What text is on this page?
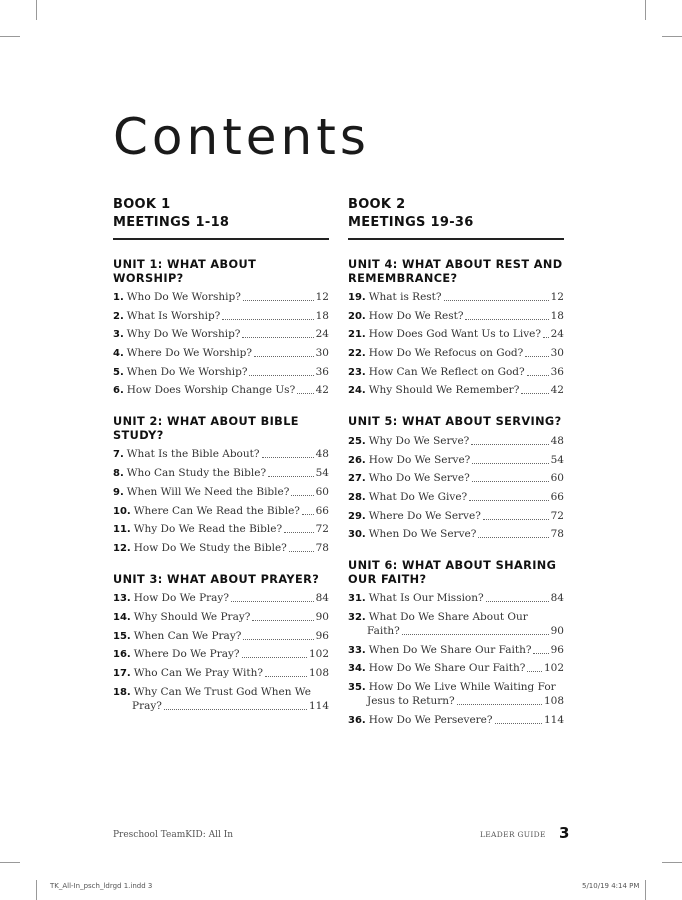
Contents
BOOK 1
MEETINGS 1-18
UNIT 1: WHAT ABOUT WORSHIP?
1. Who Do We Worship?	12
2. What Is Worship?	18
3. Why Do We Worship?	24
4. Where Do We Worship?	30
5. When Do We Worship?	36
6. How Does Worship Change Us? 42
UNIT 2: WHAT ABOUT BIBLE STUDY?
7. What Is the Bible About?	48
8. Who Can Study the Bible?	54
9. When Will We Need the Bible?	60
10. Where Can We Read the Bible? 66
11. Why Do We Read the Bible?	72
12. How Do We Study the Bible?	78
UNIT 3: WHAT ABOUT PRAYER?
13. How Do We Pray?	84
14. Why Should We Pray?	90
15. When Can We Pray?	96
16. Where Do We Pray?	102
17. Who Can We Pray With?	108
18. Why Can We Trust God When We
Pray?	114
BOOK 2
MEETINGS 19-36
UNIT 4: WHAT ABOUT REST AND REMEMBRANCE?
19. What is Rest?	12
20. How Do We Rest?	18
21. How Does God Want Us to Live? 24
22. How Do We Refocus on God?	30
23. How Can We Reflect on God? 36
24. Why Should We Remember?	42
UNIT 5: WHAT ABOUT SERVING?
25. Why Do We Serve?	48
26. How Do We Serve?	54
27. Who Do We Serve?	60
28. What Do We Give?	66
29. Where Do We Serve?	72
30. When Do We Serve?	78
UNIT 6: WHAT ABOUT SHARING OUR FAITH?
31. What Is Our Mission?	84
32. What Do We Share About Our
Faith?	90
33. When Do We Share Our Faith? 96
34. How Do We Share Our Faith? 102
35. How Do We Live While Waiting For
Jesus to Return?	108
36. How Do We Persevere?	114
Preschool TeamKID: All In	LEADER GUIDE 3
TK_All-In_psch_ldrgd 1.indd 3	5/10/19 4:14 PM
